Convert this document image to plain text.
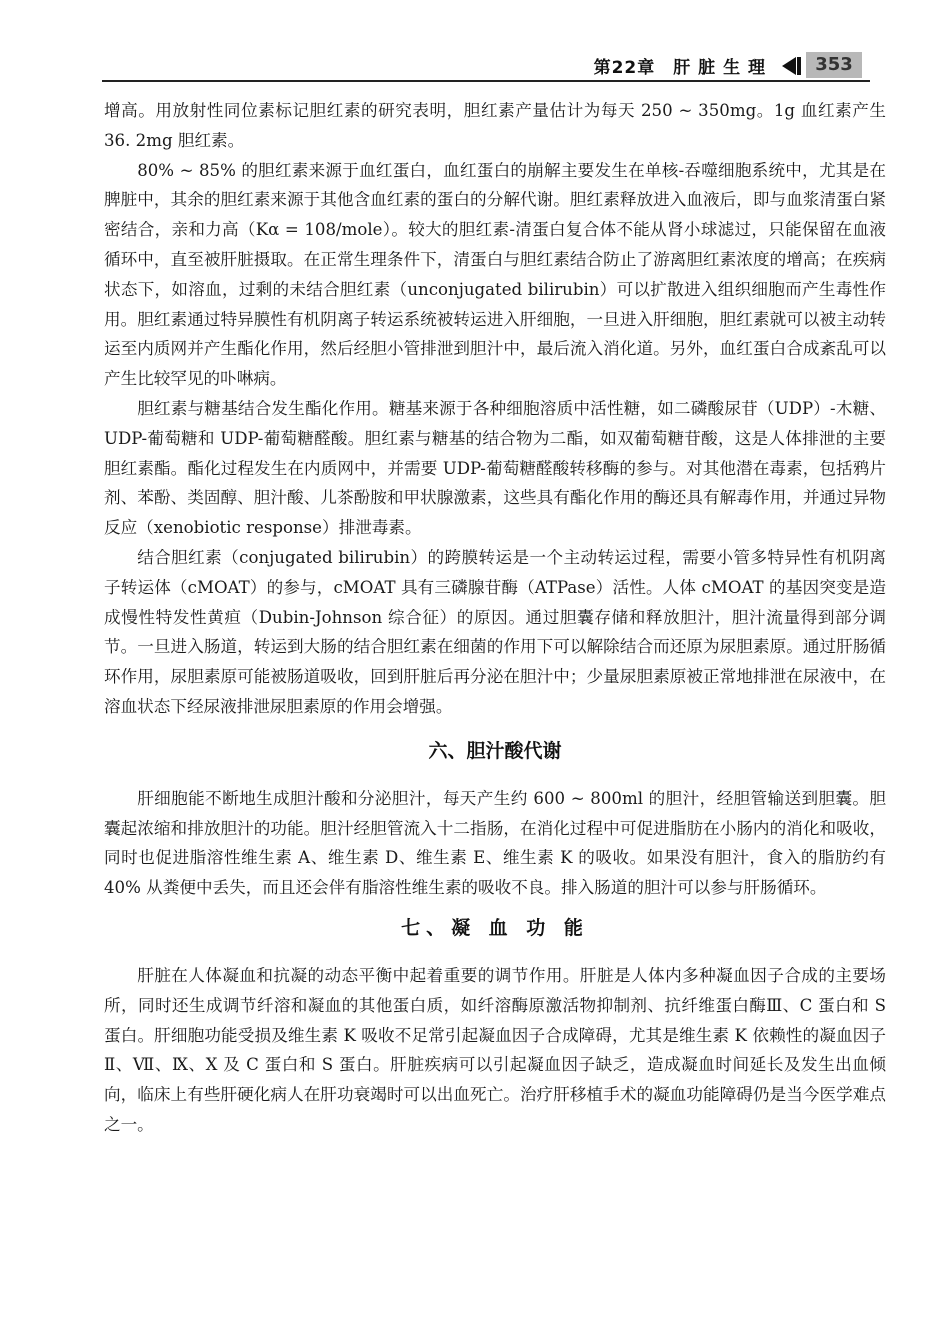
第22章　肝 脏 生 理	353

增高。用放射性同位素标记胆红素的研究表明，胆红素产量估计为每天 250 ~ 350mg。1g 血红素产生 36. 2mg 胆红素。

80% ~ 85% 的胆红素来源于血红蛋白，血红蛋白的崩解主要发生在单核-吞噬细胞系统中，尤其是在脾脏中，其余的胆红素来源于其他含血红素的蛋白的分解代谢。胆红素释放进入血液后，即与血浆清蛋白紧密结合，亲和力高（Kα = 108/mole）。较大的胆红素-清蛋白复合体不能从肾小球滤过，只能保留在血液循环中，直至被肝脏摄取。在正常生理条件下，清蛋白与胆红素结合防止了游离胆红素浓度的增高；在疾病状态下，如溶血，过剩的未结合胆红素（unconjugated bilirubin）可以扩散进入组织细胞而产生毒性作用。胆红素通过特异膜性有机阴离子转运系统被转运进入肝细胞，一旦进入肝细胞，胆红素就可以被主动转运至内质网并产生酯化作用，然后经胆小管排泄到胆汁中，最后流入消化道。另外，血红蛋白合成紊乱可以产生比较罕见的卟啉病。

胆红素与糖基结合发生酯化作用。糖基来源于各种细胞溶质中活性糖，如二磷酸尿苷（UDP）-木糖、UDP-葡萄糖和 UDP-葡萄糖醛酸。胆红素与糖基的结合物为二酯，如双葡萄糖苷酸，这是人体排泄的主要胆红素酯。酯化过程发生在内质网中，并需要 UDP-葡萄糖醛酸转移酶的参与。对其他潜在毒素，包括鸦片剂、苯酚、类固醇、胆汁酸、儿茶酚胺和甲状腺激素，这些具有酯化作用的酶还具有解毒作用，并通过异物反应（xenobiotic response）排泄毒素。

结合胆红素（conjugated bilirubin）的跨膜转运是一个主动转运过程，需要小管多特异性有机阴离子转运体（cMOAT）的参与，cMOAT 具有三磷腺苷酶（ATPase）活性。人体 cMOAT 的基因突变是造成慢性特发性黄疸（Dubin-Johnson 综合征）的原因。通过胆囊存储和释放胆汁，胆汁流量得到部分调节。一旦进入肠道，转运到大肠的结合胆红素在细菌的作用下可以解除结合而还原为尿胆素原。通过肝肠循环作用，尿胆素原可能被肠道吸收，回到肝脏后再分泌在胆汁中；少量尿胆素原被正常地排泄在尿液中，在溶血状态下经尿液排泄尿胆素原的作用会增强。

六、胆汁酸代谢

肝细胞能不断地生成胆汁酸和分泌胆汁，每天产生约 600 ~ 800ml 的胆汁，经胆管输送到胆囊。胆囊起浓缩和排放胆汁的功能。胆汁经胆管流入十二指肠，在消化过程中可促进脂肪在小肠内的消化和吸收，同时也促进脂溶性维生素 A、维生素 D、维生素 E、维生素 K 的吸收。如果没有胆汁，食入的脂肪约有 40% 从粪便中丢失，而且还会伴有脂溶性维生素的吸收不良。排入肠道的胆汁可以参与肝肠循环。

七、凝 血 功 能

肝脏在人体凝血和抗凝的动态平衡中起着重要的调节作用。肝脏是人体内多种凝血因子合成的主要场所，同时还生成调节纤溶和凝血的其他蛋白质，如纤溶酶原激活物抑制剂、抗纤维蛋白酶Ⅲ、C 蛋白和 S 蛋白。肝细胞功能受损及维生素 K 吸收不足常引起凝血因子合成障碍，尤其是维生素 K 依赖性的凝血因子 Ⅱ、Ⅶ、Ⅸ、X 及 C 蛋白和 S 蛋白。肝脏疾病可以引起凝血因子缺乏，造成凝血时间延长及发生出血倾向，临床上有些肝硬化病人在肝功衰竭时可以出血死亡。治疗肝移植手术的凝血功能障碍仍是当今医学难点之一。
